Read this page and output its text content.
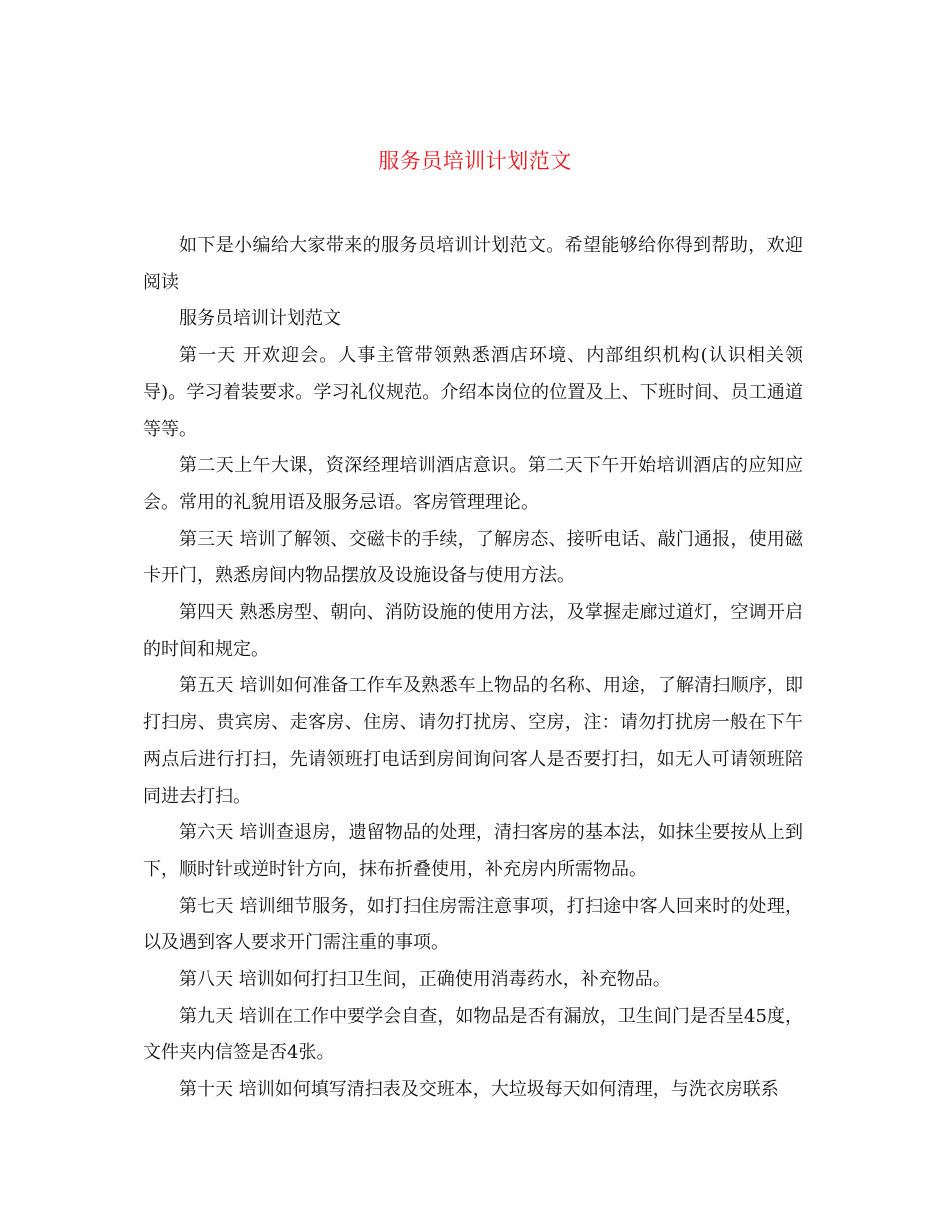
服务员培训计划范文

如下是小编给大家带来的服务员培训计划范文。希望能够给你得到帮助，欢迎阅读

服务员培训计划范文

第一天 开欢迎会。人事主管带领熟悉酒店环境、内部组织机构(认识相关领导)。学习着装要求。学习礼仪规范。介绍本岗位的位置及上、下班时间、员工通道等等。

第二天上午大课，资深经理培训酒店意识。第二天下午开始培训酒店的应知应会。常用的礼貌用语及服务忌语。客房管理理论。

第三天 培训了解领、交磁卡的手续，了解房态、接听电话、敲门通报，使用磁卡开门，熟悉房间内物品摆放及设施设备与使用方法。

第四天 熟悉房型、朝向、消防设施的使用方法，及掌握走廊过道灯，空调开启的时间和规定。

第五天 培训如何准备工作车及熟悉车上物品的名称、用途，了解清扫顺序，即打扫房、贵宾房、走客房、住房、请勿打扰房、空房，注：请勿打扰房一般在下午两点后进行打扫，先请领班打电话到房间询问客人是否要打扫，如无人可请领班陪同进去打扫。

第六天 培训查退房，遗留物品的处理，清扫客房的基本法，如抹尘要按从上到下，顺时针或逆时针方向，抹布折叠使用，补充房内所需物品。

第七天 培训细节服务，如打扫住房需注意事项，打扫途中客人回来时的处理，以及遇到客人要求开门需注重的事项。

第八天 培训如何打扫卫生间，正确使用消毒药水，补充物品。

第九天 培训在工作中要学会自查，如物品是否有漏放，卫生间门是否呈45度，文件夹内信签是否4张。

第十天 培训如何填写清扫表及交班本，大垃圾每天如何清理，与洗衣房联系
